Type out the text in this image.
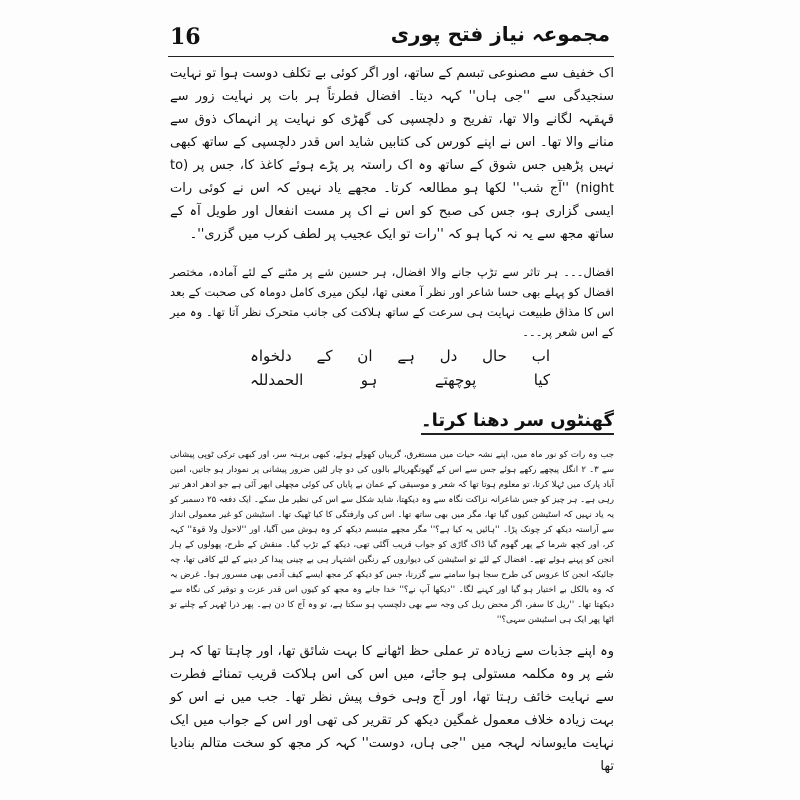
16	مجموعہ نیاز فتح پوری
اک خفیف سے مصنوعی تبسم کے ساتھ، اور اگر کوئی بے تکلف دوست ہوا تو نہایت سنجیدگی سے ''جی ہاں'' کہہ دیتا۔ افضال فطرتاً ہر بات پر نہایت زور سے قہقہہ لگانے والا تھا، تفریح و دلچسپی کی گھڑی کو نہایت پر انہماک ذوق سے منانے والا تھا۔ اس نے اپنے کورس کی کتابیں شاید اس قدر دلچسپی کے ساتھ کبھی نہیں پڑھیں جس شوق کے ساتھ وہ اک راستہ پر پڑے ہوئے کاغذ کا، جس پر (to night) ''آج شب'' لکھا ہو مطالعہ کرتا۔ مجھے یاد نہیں کہ اس نے کوئی رات ایسی گزاری ہو، جس کی صبح کو اس نے اک پر مست انفعال اور طویل آہ کے ساتھ مجھ سے یہ نہ کہا ہو کہ ''رات تو ایک عجیب پر لطف کرب میں گزری''۔
افضال۔۔۔ ہر تاثر سے تڑپ جانے والا افضال، ہر حسین شے پر مٹنے کے لئے آمادہ، مختصر افضال کو پہلے بھی حسا شاعر اور نظر آ معنی تھا، لیکن میری کامل دوماہ کی صحبت کے بعد اس کا مذاق طبیعت نہایت ہی سرعت کے ساتھ ہلاکت کی جانب متحرک نظر آتا تھا۔ وہ میر کے اس شعر پر۔۔۔
اب
حال
دل
ہے
ان
کے
دلخواہ
کیا
پوچھتے
ہو
الحمدللہ
گھنٹوں سر دھنا کرتا۔
جب وہ رات کو نور ماہ میں، اپنے نشہ حیات میں مستغرق، گریباں کھولے ہوئے، کبھی برہنہ سر، اور کبھی ترکی ٹوپی پیشانی سے ۳۔ ۲ انگل پیچھے رکھے ہوئے جس سے اس کے گھونگھریالے بالوں کی دو چار لٹیں ضرور پیشانی پر نمودار ہو جاتیں، امین آباد پارک میں ٹہلا کرتا، تو معلوم ہوتا تھا کہ شعر و موسیقی کے عمان بے پایاں کی کوئی مچھلی ابھر آئی ہے جو ادھر ادھر تیر رہی ہے۔ ہر چیز کو جس شاعرانہ نزاکت نگاہ سے وہ دیکھتا، شاید شکل سے اس کی نظیر مل سکے۔ ایک دفعہ ۲۵ دسمبر کو یہ یاد نہیں کہ اسٹیشن کیوں گیا تھا، مگر میں بھی ساتھ تھا۔ اس کی وارفتگی کا کیا ٹھیک تھا۔ اسٹیشن کو غیر معمولی انداز سے آراستہ دیکھ کر چونک پڑا۔ ''ہائیں یہ کیا ہے؟'' مگر مجھے متبسم دیکھ کر وہ ہوش میں آگیا، اور ''لاحول ولا قوۃ'' کہہ کر، اور کچھ شرما کے پھر گھوم گیا ڈاک گاڑی کو جواب قریب آگئی تھی، دیکھ کے تڑپ گیا۔ منقش کے طرح، پھولوں کے ہار انجن کو پہنے ہوئے تھے۔ افضال کے لئے تو اسٹیشن کی دیواروں کے رنگین اشتہار ہی بے چینی پیدا کر دینے کے لئے کافی تھا، چہ جائیکہ انجن کا عروس کی طرح سجا ہوا سامنے سے گزرنا، جس کو دیکھ کر مجھ ایسے کیف آدمی بھی مسرور ہوا۔ غرض یہ کہ وہ بالکل بے اختیار ہو گیا اور کہنے لگا۔ ''دیکھا آپ نے؟'' خدا جانے وہ مجھ کو کیوں اس قدر عزت و توقیر کی نگاہ سے دیکھتا تھا۔ ''ریل کا سفر، اگر محض ریل کی وجہ سے بھی دلچسپ ہو سکتا ہے، تو وہ آج کا دن ہے۔ پھر ذرا ٹھہر کے چلنے تو اٹھا پھر ایک ہی اسٹیشن سہی؟''
وہ اپنے جذبات سے زیادہ تر عملی حظ اٹھانے کا بہت شائق تھا، اور چاہتا تھا کہ ہر شے پر وہ مکلمہ مستولی ہو جائے، میں اس کی اس ہلاکت قریب تمنائے فطرت سے نہایت خائف رہتا تھا، اور آج وہی خوف پیش نظر تھا۔ جب میں نے اس کو بہت زیادہ خلاف معمول غمگین دیکھ کر تقریر کی تھی اور اس کے جواب میں ایک نہایت مایوسانہ لہجہ میں ''جی ہاں، دوست'' کہہ کر مجھ کو سخت متالم بنادیا تھا
